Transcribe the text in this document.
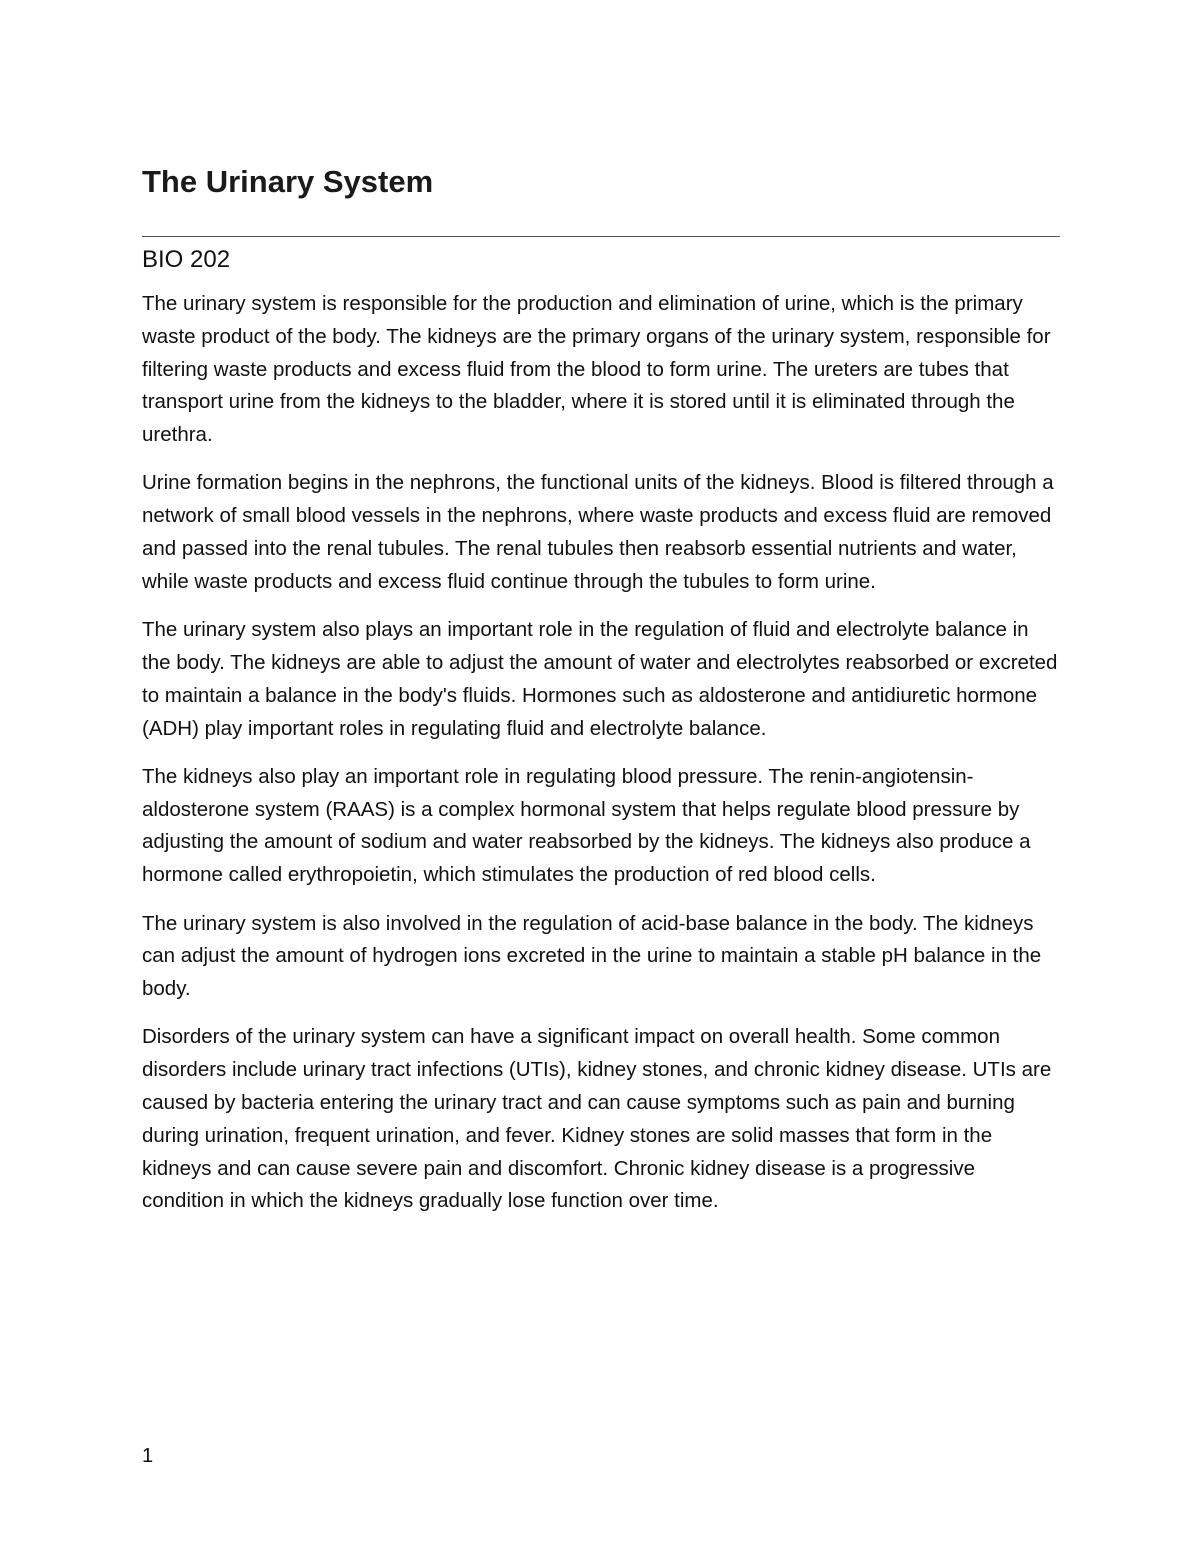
The Urinary System
BIO 202

The urinary system is responsible for the production and elimination of urine, which is the primary waste product of the body. The kidneys are the primary organs of the urinary system, responsible for filtering waste products and excess fluid from the blood to form urine. The ureters are tubes that transport urine from the kidneys to the bladder, where it is stored until it is eliminated through the urethra.

Urine formation begins in the nephrons, the functional units of the kidneys. Blood is filtered through a network of small blood vessels in the nephrons, where waste products and excess fluid are removed and passed into the renal tubules. The renal tubules then reabsorb essential nutrients and water, while waste products and excess fluid continue through the tubules to form urine.

The urinary system also plays an important role in the regulation of fluid and electrolyte balance in the body. The kidneys are able to adjust the amount of water and electrolytes reabsorbed or excreted to maintain a balance in the body's fluids. Hormones such as aldosterone and antidiuretic hormone (ADH) play important roles in regulating fluid and electrolyte balance.

The kidneys also play an important role in regulating blood pressure. The renin-angiotensin-aldosterone system (RAAS) is a complex hormonal system that helps regulate blood pressure by adjusting the amount of sodium and water reabsorbed by the kidneys. The kidneys also produce a hormone called erythropoietin, which stimulates the production of red blood cells.

The urinary system is also involved in the regulation of acid-base balance in the body. The kidneys can adjust the amount of hydrogen ions excreted in the urine to maintain a stable pH balance in the body.

Disorders of the urinary system can have a significant impact on overall health. Some common disorders include urinary tract infections (UTIs), kidney stones, and chronic kidney disease. UTIs are caused by bacteria entering the urinary tract and can cause symptoms such as pain and burning during urination, frequent urination, and fever. Kidney stones are solid masses that form in the kidneys and can cause severe pain and discomfort. Chronic kidney disease is a progressive condition in which the kidneys gradually lose function over time.

1
